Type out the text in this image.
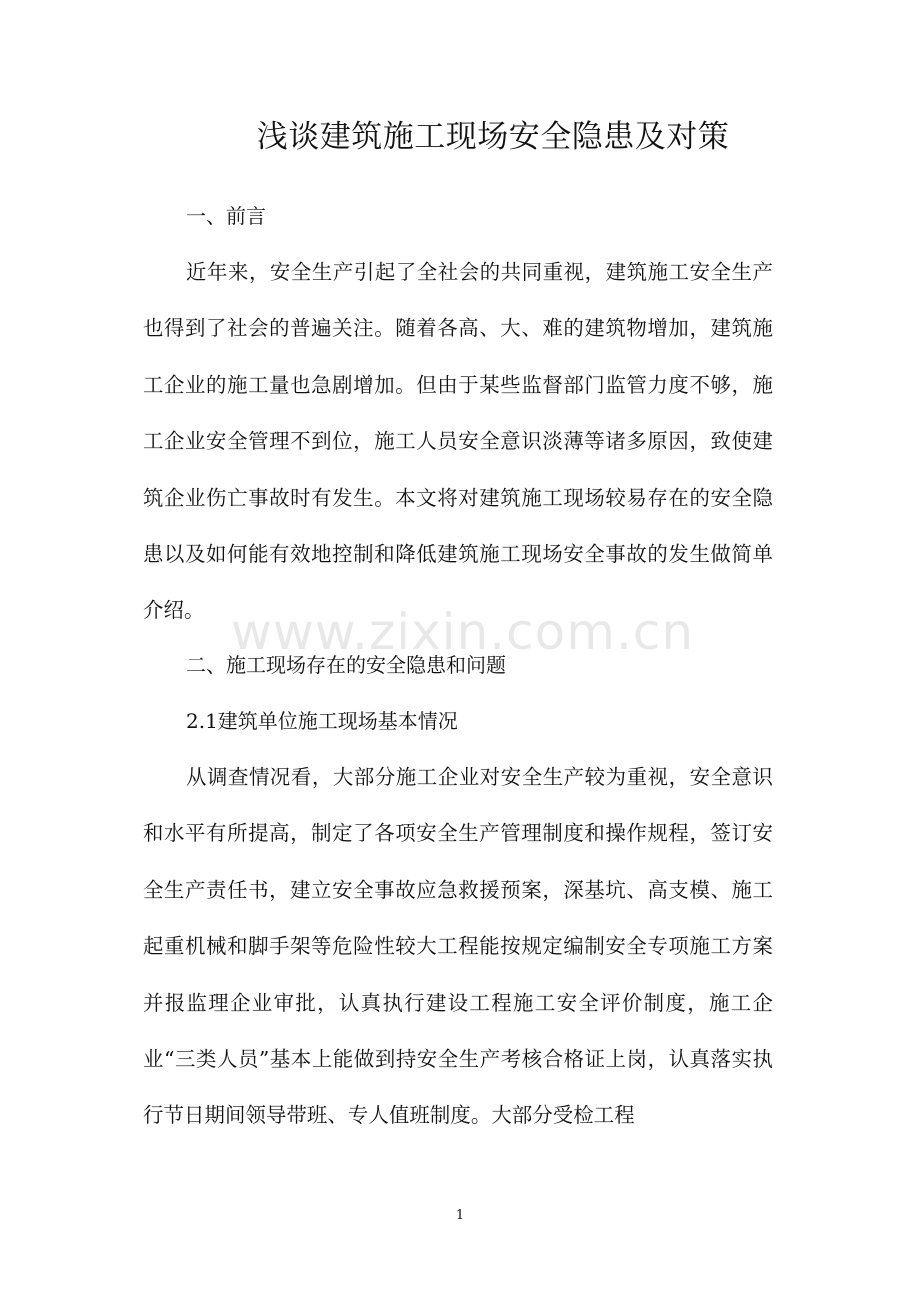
浅谈建筑施工现场安全隐患及对策
一、前言
近年来，安全生产引起了全社会的共同重视，建筑施工安全生产也得到了社会的普遍关注。随着各高、大、难的建筑物增加，建筑施工企业的施工量也急剧增加。但由于某些监督部门监管力度不够，施工企业安全管理不到位，施工人员安全意识淡薄等诸多原因，致使建筑企业伤亡事故时有发生。本文将对建筑施工现场较易存在的安全隐患以及如何能有效地控制和降低建筑施工现场安全事故的发生做简单介绍。
二、施工现场存在的安全隐患和问题
2.1建筑单位施工现场基本情况
从调查情况看，大部分施工企业对安全生产较为重视，安全意识和水平有所提高，制定了各项安全生产管理制度和操作规程，签订安全生产责任书，建立安全事故应急救援预案，深基坑、高支模、施工起重机械和脚手架等危险性较大工程能按规定编制安全专项施工方案并报监理企业审批，认真执行建设工程施工安全评价制度，施工企业“三类人员”基本上能做到持安全生产考核合格证上岗，认真落实执行节日期间领导带班、专人值班制度。大部分受检工程
www.zixin.com.cn
1
